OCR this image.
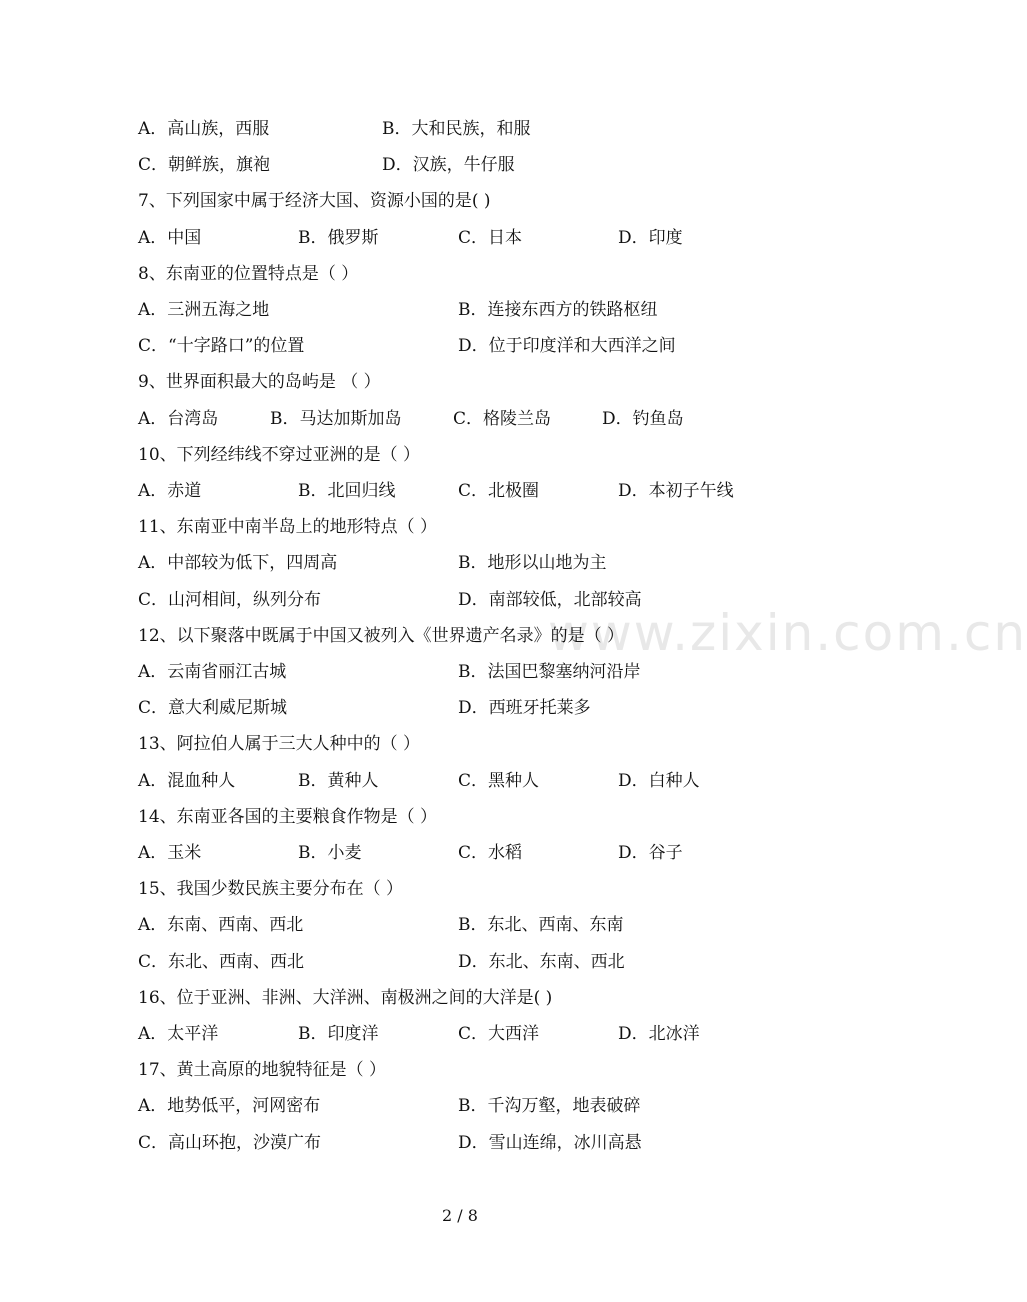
www.zixin.com.cn
A．高山族，西服	B．大和民族，和服
C．朝鲜族，旗袍	D．汉族，牛仔服
7、下列国家中属于经济大国、资源小国的是( )
A．中国	B．俄罗斯	C．日本	D．印度
8、东南亚的位置特点是（ ）
A．三洲五海之地	B．连接东西方的铁路枢纽
C．“十字路口”的位置	D．位于印度洋和大西洋之间
9、世界面积最大的岛屿是 （ ）
A．台湾岛	B．马达加斯加岛	C．格陵兰岛	D．钓鱼岛
10、下列经纬线不穿过亚洲的是（ ）
A．赤道	B．北回归线	C．北极圈	D．本初子午线
11、东南亚中南半岛上的地形特点（ ）
A．中部较为低下，四周高	B．地形以山地为主
C．山河相间，纵列分布	D．南部较低，北部较高
12、以下聚落中既属于中国又被列入《世界遗产名录》的是（ ）
A．云南省丽江古城	B．法国巴黎塞纳河沿岸
C．意大利威尼斯城	D．西班牙托莱多
13、阿拉伯人属于三大人种中的（ ）
A．混血种人	B．黄种人	C．黑种人	D．白种人
14、东南亚各国的主要粮食作物是（ ）
A．玉米	B．小麦	C．水稻	D．谷子
15、我国少数民族主要分布在（ ）
A．东南、西南、西北	B．东北、西南、东南
C．东北、西南、西北	D．东北、东南、西北
16、位于亚洲、非洲、大洋洲、南极洲之间的大洋是( )
A．太平洋	B．印度洋	C．大西洋	D．北冰洋
17、黄土高原的地貌特征是（ ）
A．地势低平，河网密布	B．千沟万壑，地表破碎
C．高山环抱，沙漠广布	D．雪山连绵，冰川高悬
2 / 8
